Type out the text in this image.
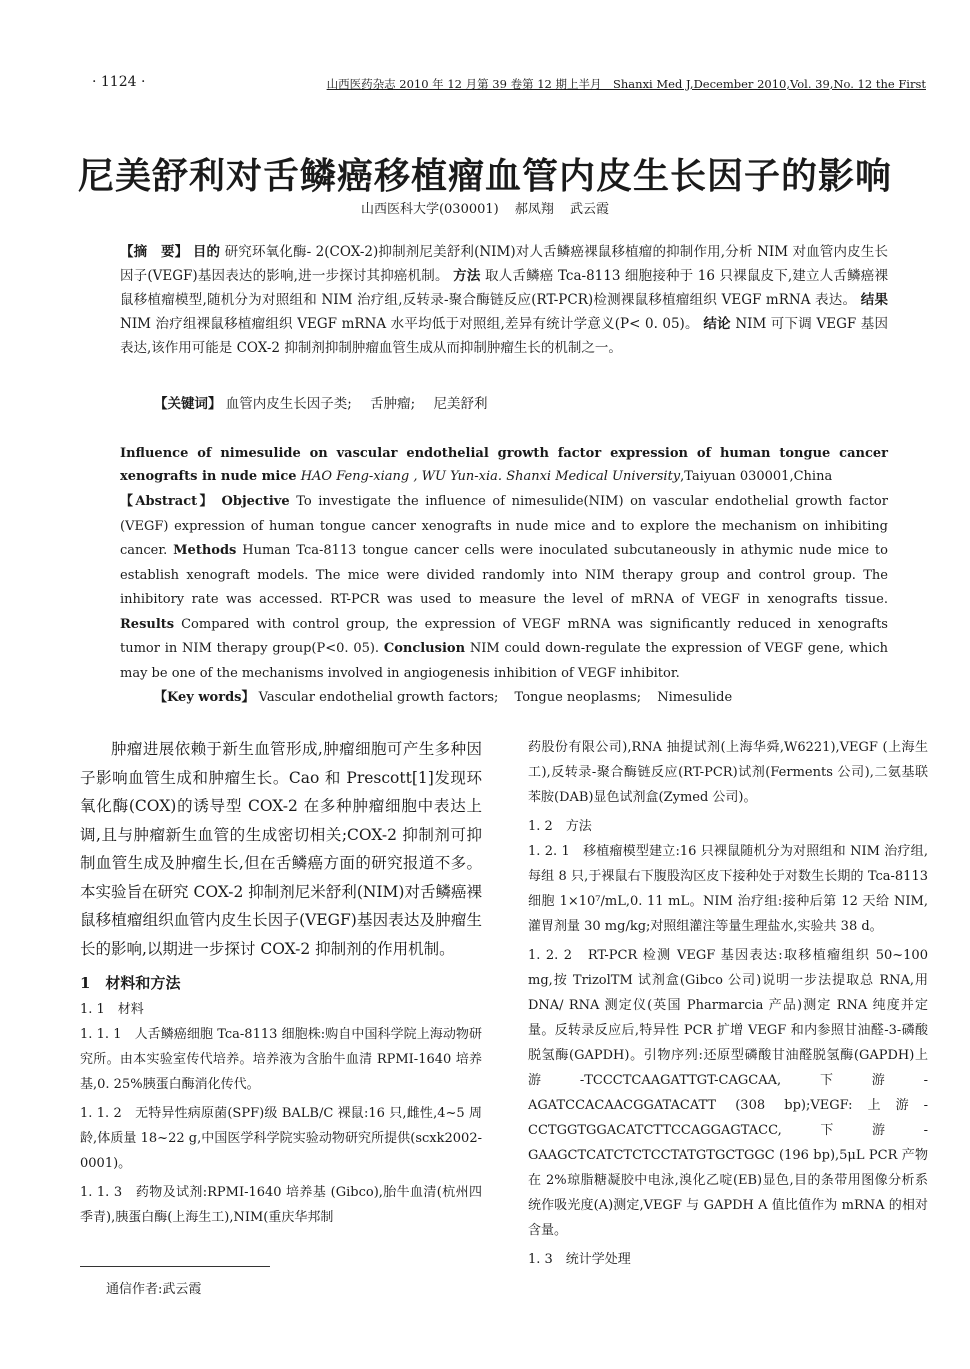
· 1124 ·	山西医药杂志 2010 年 12 月第 39 卷第 12 期上半月　Shanxi Med J,December 2010,Vol. 39,No. 12 the First
尼美舒利对舌鳞癌移植瘤血管内皮生长因子的影响
山西医科大学(030001) 郝凤翔 武云霞
【摘　要】 目的 研究环氧化酶- 2(COX-2)抑制剂尼美舒利(NIM)对人舌鳞癌裸鼠移植瘤的抑制作用,分析 NIM 对血管内皮生长因子(VEGF)基因表达的影响,进一步探讨其抑癌机制。 方法 取人舌鳞癌 Tca-8113 细胞接种于 16 只裸鼠皮下,建立人舌鳞癌裸鼠移植瘤模型,随机分为对照组和 NIM 治疗组,反转录-聚合酶链反应(RT-PCR)检测裸鼠移植瘤组织 VEGF mRNA 表达。 结果 NIM 治疗组裸鼠移植瘤组织 VEGF mRNA 水平均低于对照组,差异有统计学意义(P< 0. 05)。 结论 NIM 可下调 VEGF 基因表达,该作用可能是 COX-2 抑制剂抑制肿瘤血管生成从而抑制肿瘤生长的机制之一。
【关键词】 血管内皮生长因子类; 舌肿瘤; 尼美舒利
Influence of nimesulide on vascular endothelial growth factor expression of human tongue cancer xenografts in nude mice HAO Feng-xiang , WU Yun-xia. Shanxi Medical University,Taiyuan 030001,China
【Abstract】 Objective To investigate the influence of nimesulide(NIM) on vascular endothelial growth factor (VEGF) expression of human tongue cancer xenografts in nude mice and to explore the mechanism on inhibiting cancer. Methods Human Tca-8113 tongue cancer cells were inoculated subcutaneously in athymic nude mice to establish xenograft models. The mice were divided randomly into NIM therapy group and control group. The inhibitory rate was accessed. RT-PCR was used to measure the level of mRNA of VEGF in xenografts tissue. Results Compared with control group, the expression of VEGF mRNA was significantly reduced in xenografts tumor in NIM therapy group(P<0. 05). Conclusion NIM could down-regulate the expression of VEGF gene, which may be one of the mechanisms involved in angiogenesis inhibition of VEGF inhibitor.
【Key words】 Vascular endothelial growth factors; Tongue neoplasms; Nimesulide

肿瘤进展依赖于新生血管形成,肿瘤细胞可产生多种因子影响血管生成和肿瘤生长。Cao 和 Prescott[1]发现环氧化酶(COX)的诱导型 COX-2 在多种肿瘤细胞中表达上调,且与肿瘤新生血管的生成密切相关;COX-2 抑制剂可抑制血管生成及肿瘤生长,但在舌鳞癌方面的研究报道不多。本实验旨在研究 COX-2 抑制剂尼米舒利(NIM)对舌鳞癌裸鼠移植瘤组织血管内皮生长因子(VEGF)基因表达及肿瘤生长的影响,以期进一步探讨 COX-2 抑制剂的作用机制。

1　材料和方法

1. 1　材料

1. 1. 1　人舌鳞癌细胞 Tca-8113 细胞株:购自中国科学院上海动物研究所。由本实验室传代培养。培养液为含胎牛血清 RPMI-1640 培养基,0. 25%胰蛋白酶消化传代。

1. 1. 2　无特异性病原菌(SPF)级 BALB/C 裸鼠:16 只,雌性,4~5 周龄,体质量 18~22 g,中国医学科学院实验动物研究所提供(scxk2002-0001)。

1. 1. 3　药物及试剂:RPMI-1640 培养基 (Gibco),胎牛血清(杭州四季青),胰蛋白酶(上海生工),NIM(重庆华邦制

药股份有限公司),RNA 抽提试剂(上海华舜,W6221),VEGF (上海生工),反转录-聚合酶链反应(RT-PCR)试剂(Ferments 公司),二氨基联苯胺(DAB)显色试剂盒(Zymed 公司)。

1. 2　方法

1. 2. 1　移植瘤模型建立:16 只裸鼠随机分为对照组和 NIM 治疗组,每组 8 只,于裸鼠右下腹股沟区皮下接种处于对数生长期的 Tca-8113 细胞 1×10⁷/mL,0. 11 mL。NIM 治疗组:接种后第 12 天给 NIM,灌胃剂量 30 mg/kg;对照组灌注等量生理盐水,实验共 38 d。

1. 2. 2　RT-PCR 检测 VEGF 基因表达:取移植瘤组织 50~100 mg,按 TrizolTM 试剂盒(Gibco 公司)说明一步法提取总 RNA,用 DNA/ RNA 测定仪(英国 Pharmarcia 产品)测定 RNA 纯度并定量。反转录反应后,特异性 PCR 扩增 VEGF 和内参照甘油醛-3-磷酸脱氢酶(GAPDH)。引物序列:还原型磷酸甘油醛脱氢酶(GAPDH)上游-TCCCTCAAGATTGT-CAGCAA,下游-AGATCCACAACGGATACATT (308 bp);VEGF:上游-CCTGGTGGACATCTTCCAGGAGTACC,下游-GAAGCTCATCTCTCCTATGTGCTGGC (196 bp),5μL PCR 产物在 2%琼脂糖凝胶中电泳,溴化乙啶(EB)显色,目的条带用图像分析系统作吸光度(A)测定,VEGF 与 GAPDH A 值比值作为 mRNA 的相对含量。

1. 3　统计学处理

通信作者:武云霞
